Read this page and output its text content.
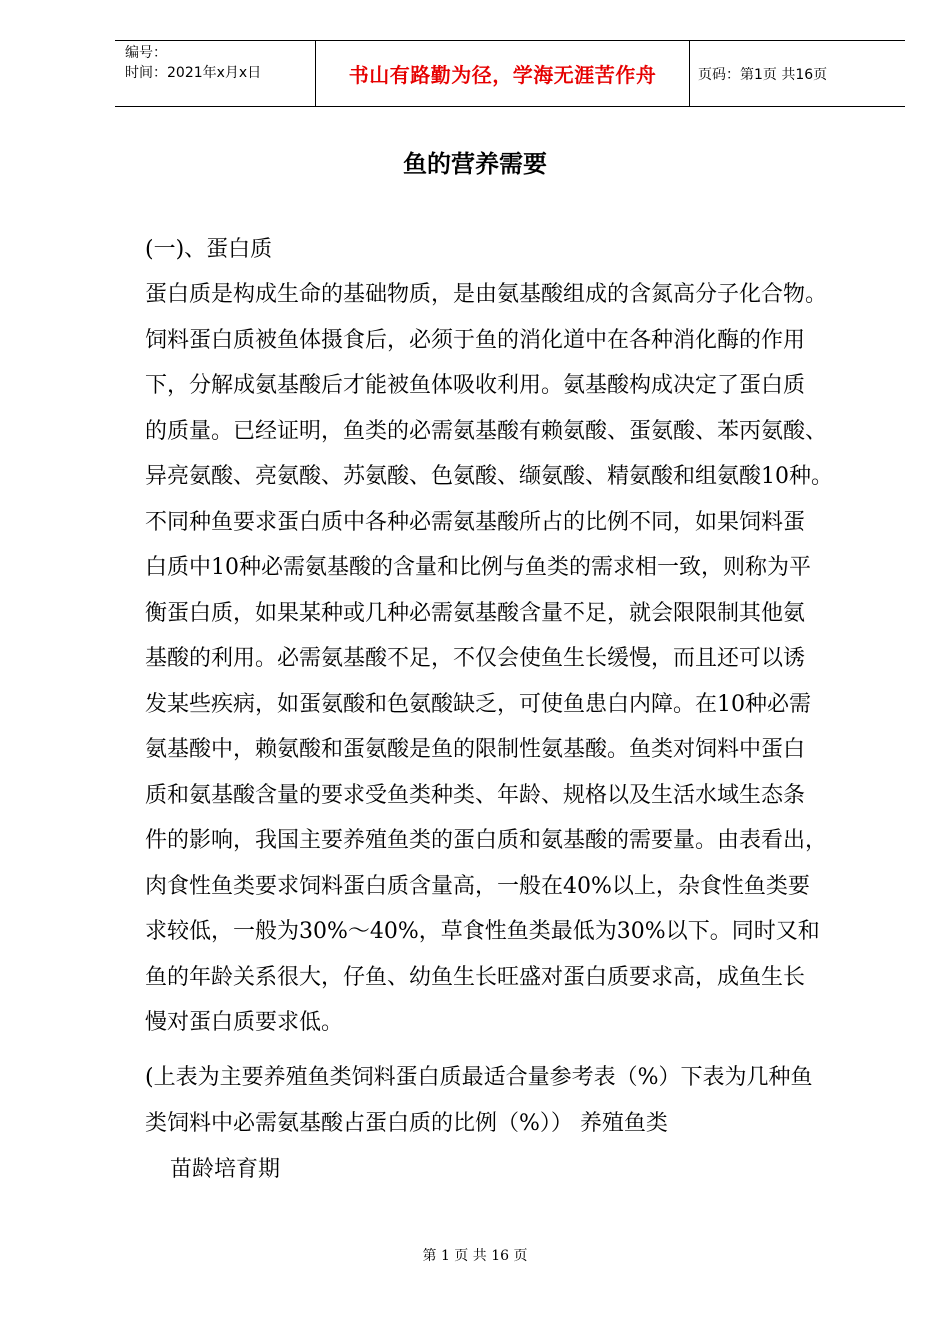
编号：
时间：2021年x月x日	书山有路勤为径，学海无涯苦作舟	页码：第1页 共16页
鱼的营养需要
(一)、蛋白质
蛋白质是构成生命的基础物质，是由氨基酸组成的含氮高分子化合物。
饲料蛋白质被鱼体摄食后，必须于鱼的消化道中在各种消化酶的作用
下，分解成氨基酸后才能被鱼体吸收利用。氨基酸构成决定了蛋白质
的质量。已经证明，鱼类的必需氨基酸有赖氨酸、蛋氨酸、苯丙氨酸、
异亮氨酸、亮氨酸、苏氨酸、色氨酸、缬氨酸、精氨酸和组氨酸10种。
不同种鱼要求蛋白质中各种必需氨基酸所占的比例不同，如果饲料蛋
白质中10种必需氨基酸的含量和比例与鱼类的需求相一致，则称为平
衡蛋白质，如果某种或几种必需氨基酸含量不足，就会限限制其他氨
基酸的利用。必需氨基酸不足，不仅会使鱼生长缓慢，而且还可以诱
发某些疾病，如蛋氨酸和色氨酸缺乏，可使鱼患白内障。在10种必需
氨基酸中，赖氨酸和蛋氨酸是鱼的限制性氨基酸。鱼类对饲料中蛋白
质和氨基酸含量的要求受鱼类种类、年龄、规格以及生活水域生态条
件的影响，我国主要养殖鱼类的蛋白质和氨基酸的需要量。由表看出，
肉食性鱼类要求饲料蛋白质含量高，一般在40%以上，杂食性鱼类要
求较低，一般为30%～40%，草食性鱼类最低为30%以下。同时又和
鱼的年龄关系很大，仔鱼、幼鱼生长旺盛对蛋白质要求高，成鱼生长
慢对蛋白质要求低。
(上表为主要养殖鱼类饲料蛋白质最适合量参考表（%）下表为几种鱼
类饲料中必需氨基酸占蛋白质的比例（%）） 养殖鱼类
苗龄培育期
第 1 页 共 16 页
